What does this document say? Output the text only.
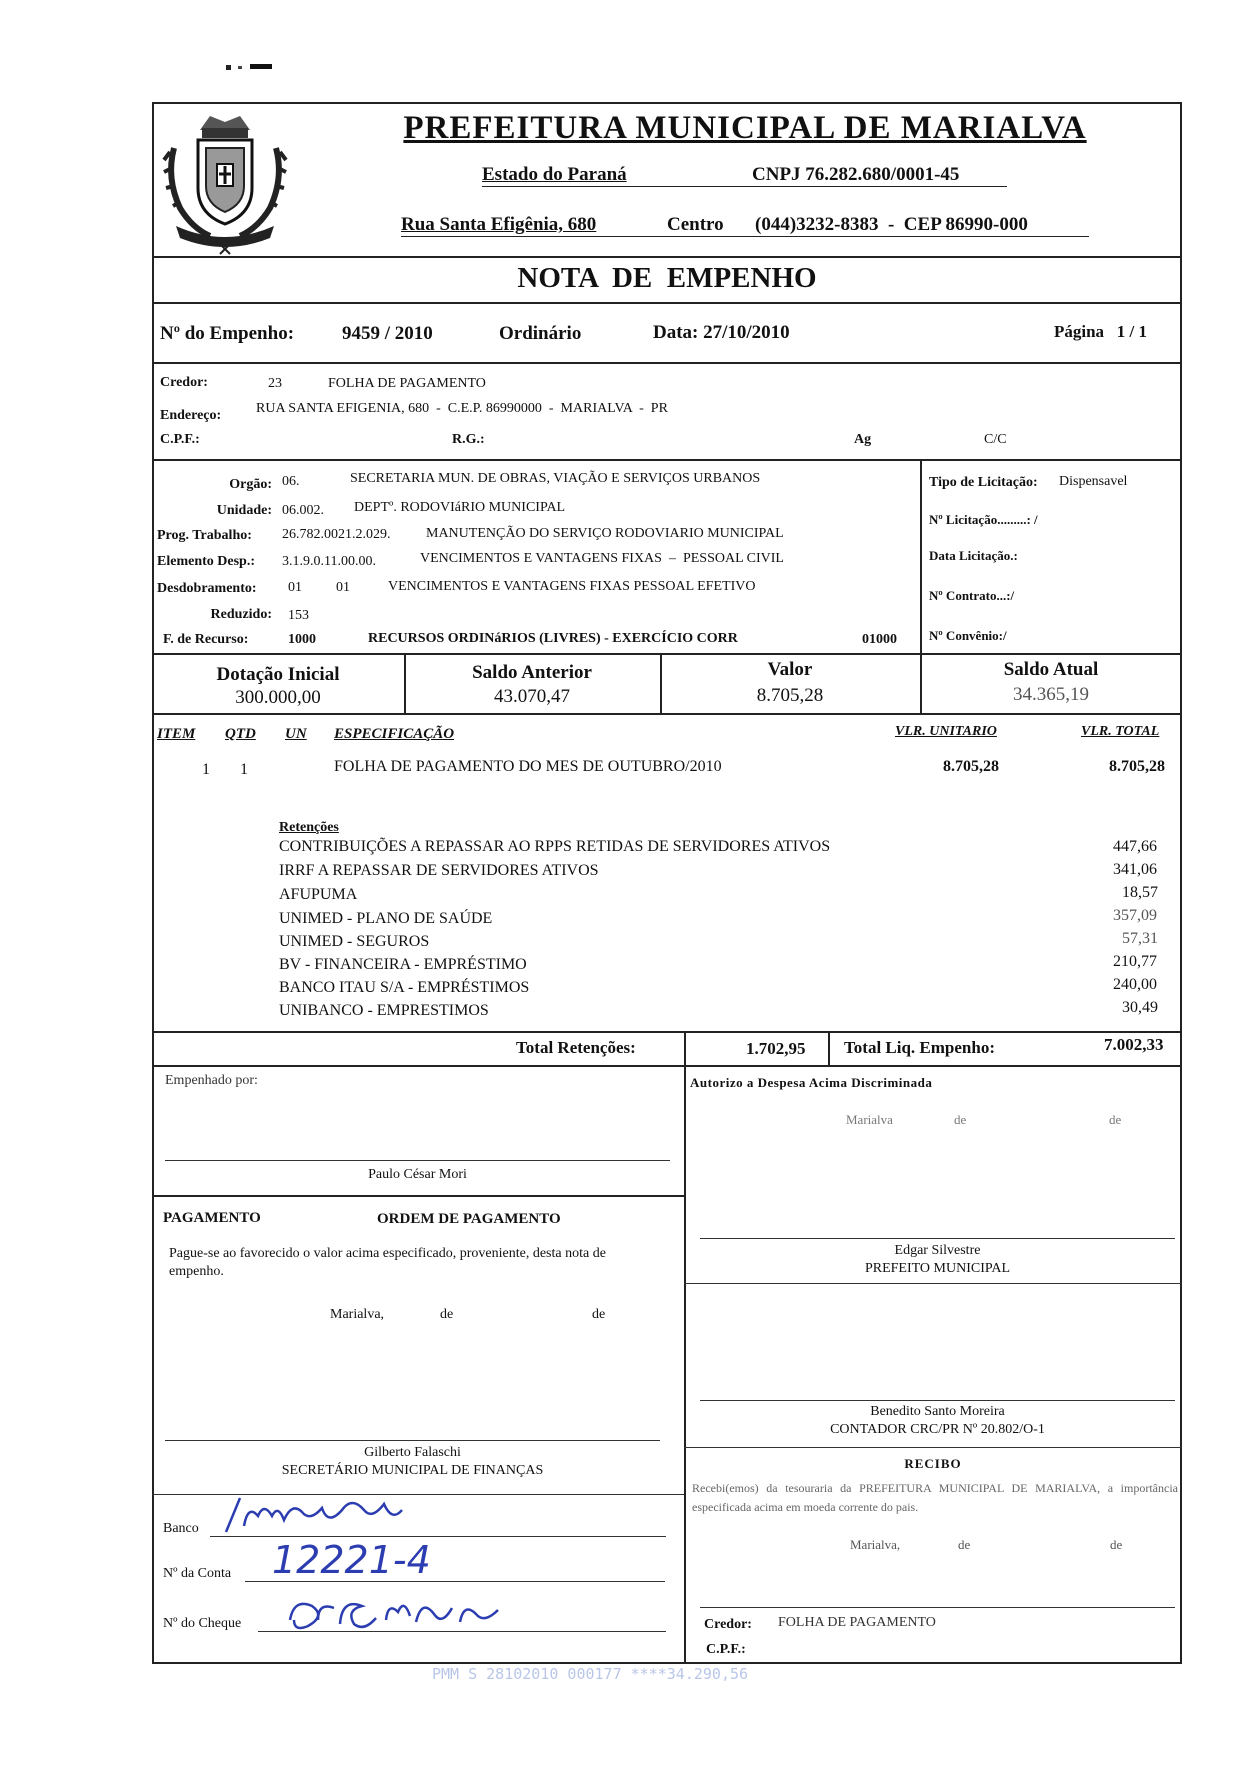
PREFEITURA MUNICIPAL DE MARIALVA
Estado do Paraná	CNPJ 76.282.680/0001-45
Rua Santa Efigênia, 680	Centro (044)3232-8383  -  CEP 86990-000
NOTA  DE  EMPENHO
Nº do Empenho:	9459 / 2010	Ordinário	Data: 27/10/2010	Página   1 / 1
Credor:	23	FOLHA DE PAGAMENTO
Endereço: RUA SANTA EFIGENIA, 680  -  C.E.P. 86990000  -  MARIALVA  -  PR
C.P.F.:	R.G.:	Ag	C/C
Orgão: 06.	SECRETARIA MUN. DE OBRAS, VIAÇÃO E SERVIÇOS URBANOS
Unidade: 06.002. DEPTº. RODOVIáRIO MUNICIPAL
Prog. Trabalho: 26.782.0021.2.029.	MANUTENÇÃO DO SERVIÇO RODOVIARIO MUNICIPAL
Elemento Desp.: 3.1.9.0.11.00.00.	VENCIMENTOS E VANTAGENS FIXAS  –  PESSOAL CIVIL
Desdobramento: 01 01	VENCIMENTOS E VANTAGENS FIXAS PESSOAL EFETIVO
Reduzido: 153
F. de Recurso:	1000	RECURSOS ORDINáRIOS (LIVRES) - EXERCÍCIO CORR	01000
Tipo de Licitação: Dispensavel
Nº Licitação.........: /
Data Licitação.:
Nº Contrato...:/
Nº Convênio:/
Dotação Inicial
300.000,00
Saldo Anterior
43.070,47
Valor
8.705,28
Saldo Atual
34.365,19
ITEM QTD UN ESPECIFICAÇÃO	VLR. UNITARIO	VLR. TOTAL
1 1	FOLHA DE PAGAMENTO DO MES DE OUTUBRO/2010	8.705,28	8.705,28
Retenções
CONTRIBUIÇÕES A REPASSAR AO RPPS RETIDAS DE SERVIDORES ATIVOS	447,66
IRRF A REPASSAR DE SERVIDORES ATIVOS	341,06
AFUPUMA	18,57
UNIMED - PLANO DE SAÚDE	357,09
UNIMED - SEGUROS	57,31
BV - FINANCEIRA - EMPRÉSTIMO	210,77
BANCO ITAU S/A - EMPRÉSTIMOS	240,00
UNIBANCO - EMPRESTIMOS	30,49
Total Retenções:	1.702,95 Total Liq. Empenho:	7.002,33
Empenhado por:
Paulo César Mori
Autorizo a Despesa Acima Discriminada
Marialva	de	de
Edgar Silvestre
PREFEITO MUNICIPAL
PAGAMENTO	ORDEM DE PAGAMENTO
Pague-se ao favorecido o valor acima especificado, proveniente, desta nota de empenho.
Marialva,	de	de
Gilberto Falaschi
SECRETÁRIO MUNICIPAL DE FINANÇAS
Benedito Santo Moreira
CONTADOR CRC/PR Nº 20.802/O-1
RECIBO
Recebi(emos) da tesouraria da PREFEITURA MUNICIPAL DE MARIALVA, a importância especificada acima em moeda corrente do pais.
Marialva,	de	de
Credor: FOLHA DE PAGAMENTO
C.P.F.:
Banco
Nº da Conta 12221-4
Nº do Cheque
PMM S 28102010 000177 ****34.290,56
